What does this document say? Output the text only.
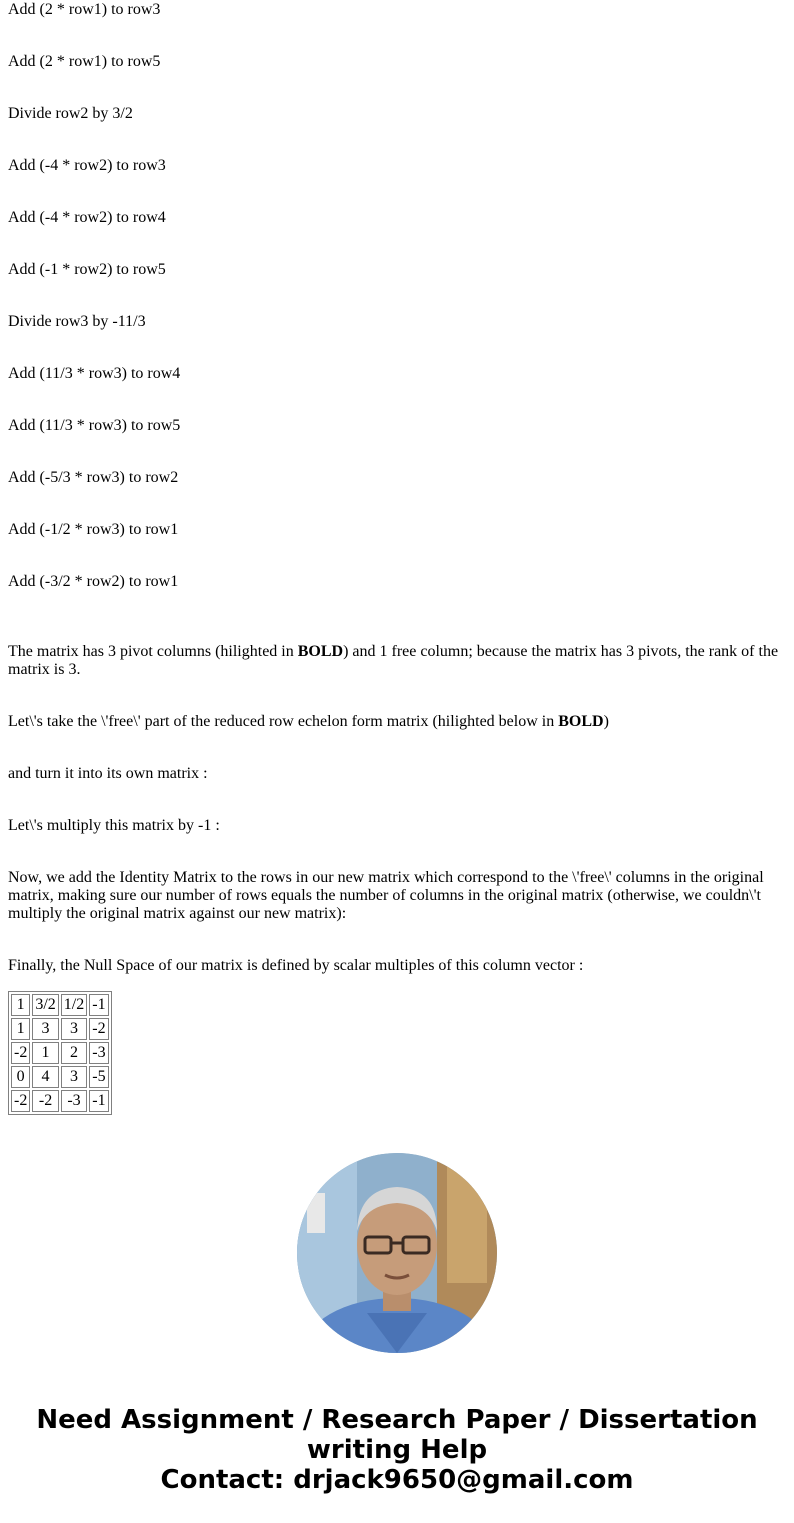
Add (2 * row1) to row3

Add (2 * row1) to row5

Divide row2 by 3/2

Add (-4 * row2) to row3

Add (-4 * row2) to row4

Add (-1 * row2) to row5

Divide row3 by -11/3

Add (11/3 * row3) to row4

Add (11/3 * row3) to row5

Add (-5/3 * row3) to row2

Add (-1/2 * row3) to row1

Add (-3/2 * row2) to row1

The matrix has 3 pivot columns (hilighted in BOLD) and 1 free column; because the matrix has 3 pivots, the rank of the matrix is 3.

Let\'s take the \'free\' part of the reduced row echelon form matrix (hilighted below in BOLD)

and turn it into its own matrix :

Let\'s multiply this matrix by -1 :

Now, we add the Identity Matrix to the rows in our new matrix which correspond to the \'free\' columns in the original matrix, making sure our number of rows equals the number of columns in the original matrix (otherwise, we couldn\'t multiply the original matrix against our new matrix):

Finally, the Null Space of our matrix is defined by scalar multiples of this column vector :

1	3/2	1/2	-1
1	3	3	-2
-2	1	2	-3
0	4	3	-5
-2	-2	-3	-1
Need Assignment / Research Paper / Dissertation
writing Help
Contact: drjack9650@gmail.com
